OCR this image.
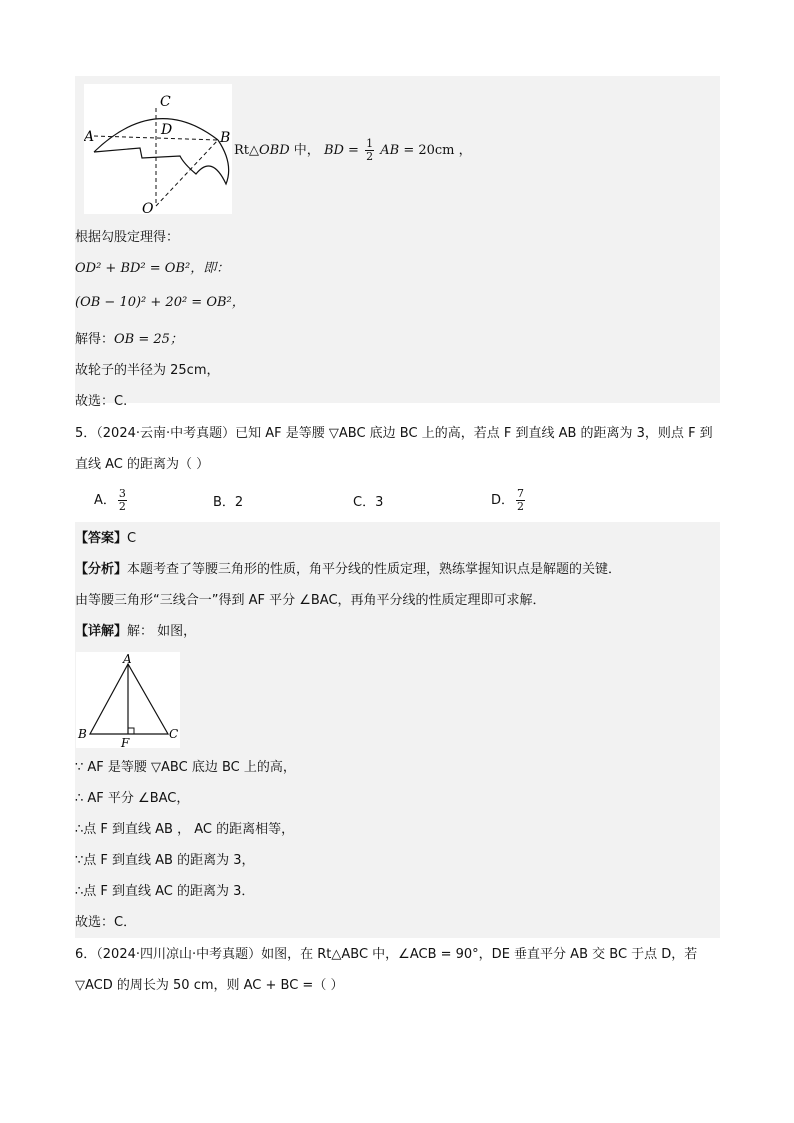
C
D
A	B
O
Rt△OBD 中， BD = $\frac{1}{2}$ AB = 20cm ，
根据勾股定理得：
OD² + BD² = OB²，即：
(OB − 10)² + 20² = OB²，
解得：OB = 25；
故轮子的半径为 25cm，
故选：C.
5．（2024·云南·中考真题）已知 AF 是等腰 ▽ABC 底边 BC 上的高，若点 F 到直线 AB 的距离为 3，则点 F 到
直线 AC 的距离为（ ）
A． $\frac{3}{2}$	B．2	C．3	D． $\frac{7}{2}$
【答案】C
【分析】本题考查了等腰三角形的性质，角平分线的性质定理，熟练掌握知识点是解题的关键．
由等腰三角形“三线合一”得到 AF 平分 ∠BAC，再角平分线的性质定理即可求解．
【详解】解： 如图，
A
B	C
F
∵ AF 是等腰 ▽ABC 底边 BC 上的高，
∴ AF 平分 ∠BAC，
∴点 F 到直线 AB ， AC 的距离相等，
∵点 F 到直线 AB 的距离为 3，
∴点 F 到直线 AC 的距离为 3．
故选：C．
6．（2024·四川凉山·中考真题）如图，在 Rt△ABC 中，∠ACB = 90°，DE 垂直平分 AB 交 BC 于点 D，若
▽ACD 的周长为 50 cm，则 AC + BC =（ ）
